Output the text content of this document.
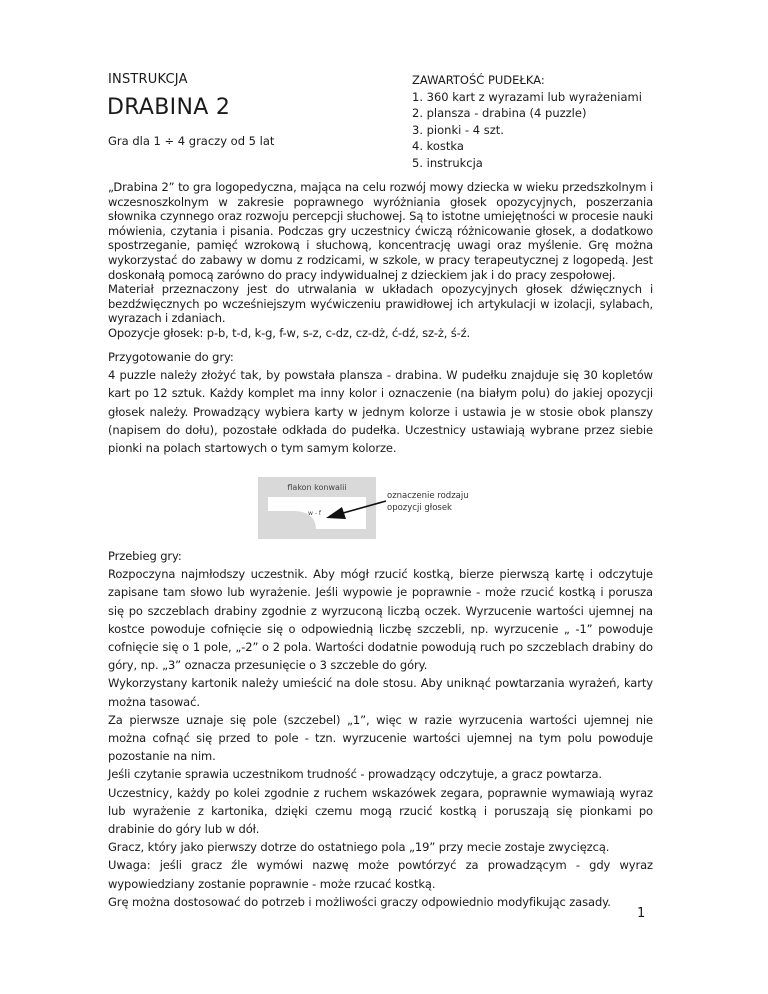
INSTRUKCJA
DRABINA 2
Gra dla 1 ÷ 4 graczy od 5 lat
ZAWARTOŚĆ PUDEŁKA:
1. 360 kart z wyrazami lub wyrażeniami
2. plansza - drabina (4 puzzle)
3. pionki - 4 szt.
4. kostka
5. instrukcja

„Drabina 2” to gra logopedyczna, mająca na celu rozwój mowy dziecka w wieku przedszkolnym i wczesnoszkolnym w zakresie poprawnego wyróżniania głosek opozycyjnych, poszerzania słownika czynnego oraz rozwoju percepcji słuchowej. Są to istotne umiejętności w procesie nauki mówienia, czytania i pisania. Podczas gry uczestnicy ćwiczą różnicowanie głosek, a dodatkowo spostrzeganie, pamięć wzrokową i słuchową, koncentrację uwagi oraz myślenie. Grę można wykorzystać do zabawy w domu z rodzicami, w szkole, w pracy terapeutycznej z logopedą. Jest doskonałą pomocą zarówno do pracy indywidualnej z dzieckiem jak i do pracy zespołowej.

Materiał przeznaczony jest do utrwalania w układach opozycyjnych głosek dźwięcznych i bezdźwięcznych po wcześniejszym wyćwiczeniu prawidłowej ich artykulacji w izolacji, sylabach, wyrazach i zdaniach.

Opozycje głosek: p-b, t-d, k-g, f-w, s-z, c-dz, cz-dż, ć-dź, sz-ż, ś-ź.

Przygotowanie do gry:

4 puzzle należy złożyć tak, by powstała plansza - drabina. W pudełku znajduje się 30 kopletów kart po 12 sztuk. Każdy komplet ma inny kolor i oznaczenie (na białym polu) do jakiej opozycji głosek należy. Prowadzący wybiera karty w jednym kolorze i ustawia je w stosie obok planszy (napisem do dołu), pozostałe odkłada do pudełka. Uczestnicy ustawiają wybrane przez siebie pionki na polach startowych o tym samym kolorze.

flakon konwalii
w - f
oznaczenie rodzaju
opozycji głosek

Przebieg gry:

Rozpoczyna najmłodszy uczestnik. Aby mógł rzucić kostką, bierze pierwszą kartę i odczytuje zapisane tam słowo lub wyrażenie. Jeśli wypowie je poprawnie - może rzucić kostką i porusza się po szczeblach drabiny zgodnie z wyrzuconą liczbą oczek. Wyrzucenie wartości ujemnej na kostce powoduje cofnięcie się o odpowiednią liczbę szczebli, np. wyrzucenie „ -1” powoduje cofnięcie się o 1 pole, „-2” o 2 pola. Wartości dodatnie powodują ruch po szczeblach drabiny do góry, np. „3” oznacza przesunięcie o 3 szczeble do góry.

Wykorzystany kartonik należy umieścić na dole stosu. Aby uniknąć powtarzania wyrażeń, karty można tasować.

Za pierwsze uznaje się pole (szczebel) „1”, więc w razie wyrzucenia wartości ujemnej nie można cofnąć się przed to pole - tzn. wyrzucenie wartości ujemnej na tym polu powoduje pozostanie na nim.

Jeśli czytanie sprawia uczestnikom trudność - prowadzący odczytuje, a gracz powtarza.

Uczestnicy, każdy po kolei zgodnie z ruchem wskazówek zegara, poprawnie wymawiają wyraz lub wyrażenie z kartonika, dzięki czemu mogą rzucić kostką i poruszają się pionkami po drabinie do góry lub w dół.

Gracz, który jako pierwszy dotrze do ostatniego pola „19” przy mecie zostaje zwycięzcą.

Uwaga: jeśli gracz źle wymówi nazwę może powtórzyć za prowadzącym - gdy wyraz wypowiedziany zostanie poprawnie - może rzucać kostką.

Grę można dostosować do potrzeb i możliwości graczy odpowiednio modyfikując zasady.

1
